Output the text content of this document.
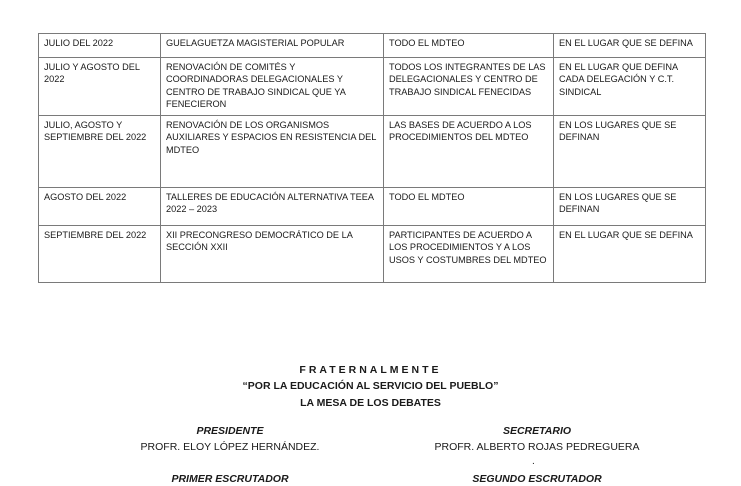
JULIO DEL 2022	GUELAGUETZA MAGISTERIAL POPULAR	TODO EL MDTEO	EN EL LUGAR QUE SE DEFINA
JULIO Y AGOSTO DEL 2022	RENOVACIÓN DE COMITÉS Y COORDINADORAS DELEGACIONALES Y CENTRO DE TRABAJO SINDICAL QUE YA FENECIERON	TODOS LOS INTEGRANTES DE LAS DELEGACIONALES Y CENTRO DE TRABAJO SINDICAL FENECIDAS	EN EL LUGAR QUE DEFINA CADA DELEGACIÓN Y C.T. SINDICAL
JULIO, AGOSTO Y SEPTIEMBRE DEL 2022	RENOVACIÓN DE LOS ORGANISMOS AUXILIARES Y ESPACIOS EN RESISTENCIA DEL MDTEO	LAS BASES DE ACUERDO A LOS PROCEDIMIENTOS DEL MDTEO	EN LOS LUGARES QUE SE DEFINAN
AGOSTO DEL 2022	TALLERES DE EDUCACIÓN ALTERNATIVA TEEA 2022 – 2023	TODO EL MDTEO	EN LOS LUGARES QUE SE DEFINAN
SEPTIEMBRE DEL 2022	XII PRECONGRESO DEMOCRÁTICO DE LA SECCIÓN XXII	PARTICIPANTES DE ACUERDO A LOS PROCEDIMIENTOS Y A LOS USOS Y COSTUMBRES DEL MDTEO	EN EL LUGAR QUE SE DEFINA
FRATERNALMENTE
“POR LA EDUCACIÓN AL SERVICIO DEL PUEBLO”
LA MESA DE LOS DEBATES
PRESIDENTE
PROFR. ELOY LÓPEZ HERNÁNDEZ.
SECRETARIO
PROFR. ALBERTO ROJAS PEDREGUERA
.
PRIMER ESCRUTADOR	SEGUNDO ESCRUTADOR
